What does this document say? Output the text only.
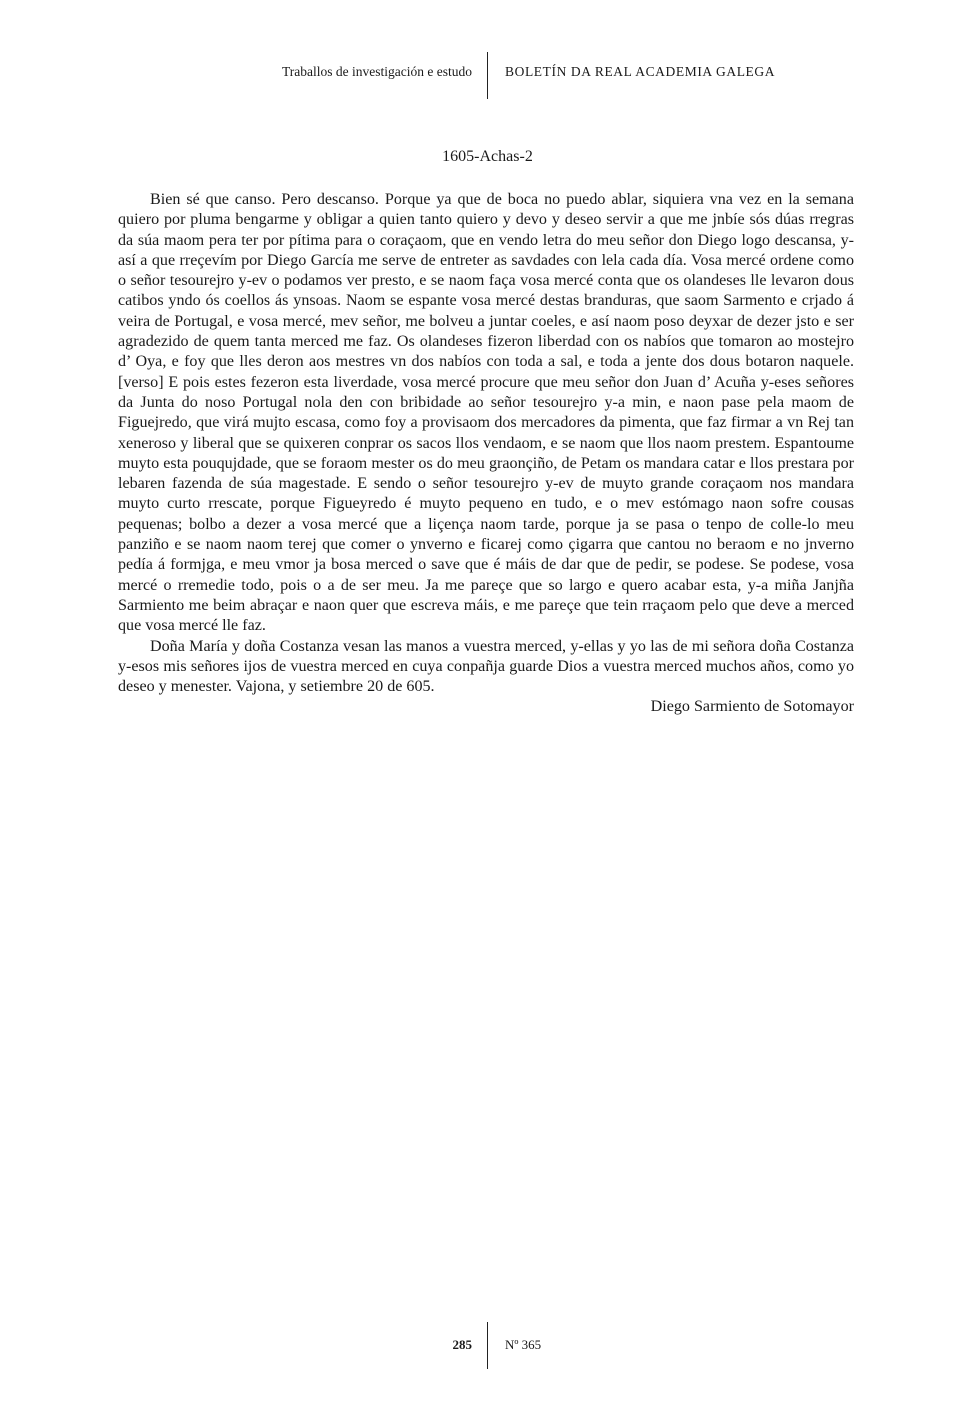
Traballos de investigación e estudo BOLETÍN DA REAL ACADEMIA GALEGA
1605-Achas-2

Bien sé que canso. Pero descanso. Porque ya que de boca no puedo ablar, siquiera vna vez en la semana quiero por pluma bengarme y obligar a quien tanto quiero y devo y deseo servir a que me jnbíe sós dúas rregras da súa maom pera ter por pítima para o coraçaom, que en vendo letra do meu señor don Diego logo descansa, y-así a que rreçevím por Diego García me serve de entreter as savdades con lela cada día. Vosa mercé ordene como o señor tesourejro y-ev o podamos ver presto, e se naom faça vosa mercé conta que os olandeses lle levaron dous catibos yndo ós coellos ás ynsoas. Naom se espante vosa mercé destas branduras, que saom Sarmento e crjado á veira de Portugal, e vosa mercé, mev señor, me bolveu a juntar coeles, e así naom poso deyxar de dezer jsto e ser agradezido de quem tanta merced me faz. Os olandeses fizeron liberdad con os nabíos que tomaron ao mostejro d’ Oya, e foy que lles deron aos mestres vn dos nabíos con toda a sal, e toda a jente dos dous botaron naquele. [verso] E pois estes fezeron esta liverdade, vosa mercé procure que meu señor don Juan d’ Acuña y-eses señores da Junta do noso Portugal nola den con bribidade ao señor tesourejro y-a min, e naon pase pela maom de Figuejredo, que virá mujto escasa, como foy a provisaom dos mercadores da pimenta, que faz firmar a vn Rej tan xeneroso y liberal que se quixeren conprar os sacos llos vendaom, e se naom que llos naom prestem. Espantoume muyto esta pouqujdade, que se foraom mester os do meu graonçiño, de Petam os mandara catar e llos prestara por lebaren fazenda de súa magestade. E sendo o señor tesourejro y-ev de muyto grande coraçaom nos mandara muyto curto rrescate, porque Figueyredo é muyto pequeno en tudo, e o mev estómago naon sofre cousas pequenas; bolbo a dezer a vosa mercé que a liçença naom tarde, porque ja se pasa o tenpo de colle-lo meu panziño e se naom naom terej que comer o ynverno e ficarej como çigarra que cantou no beraom e no jnverno pedía á formjga, e meu vmor ja bosa merced o save que é máis de dar que de pedir, se podese. Se podese, vosa mercé o rremedie todo, pois o a de ser meu. Ja me pareçe que so largo e quero acabar esta, y-a miña Janjña Sarmiento me beim abraçar e naon quer que escreva máis, e me pareçe que tein rraçaom pelo que deve a merced que vosa mercé lle faz.

Doña María y doña Costanza vesan las manos a vuestra merced, y-ellas y yo las de mi señora doña Costanza y-esos mis señores ijos de vuestra merced en cuya conpañja guarde Dios a vuestra merced muchos años, como yo deseo y menester. Vajona, y setiembre 20 de 605.

Diego Sarmiento de Sotomayor
285	Nº 365
